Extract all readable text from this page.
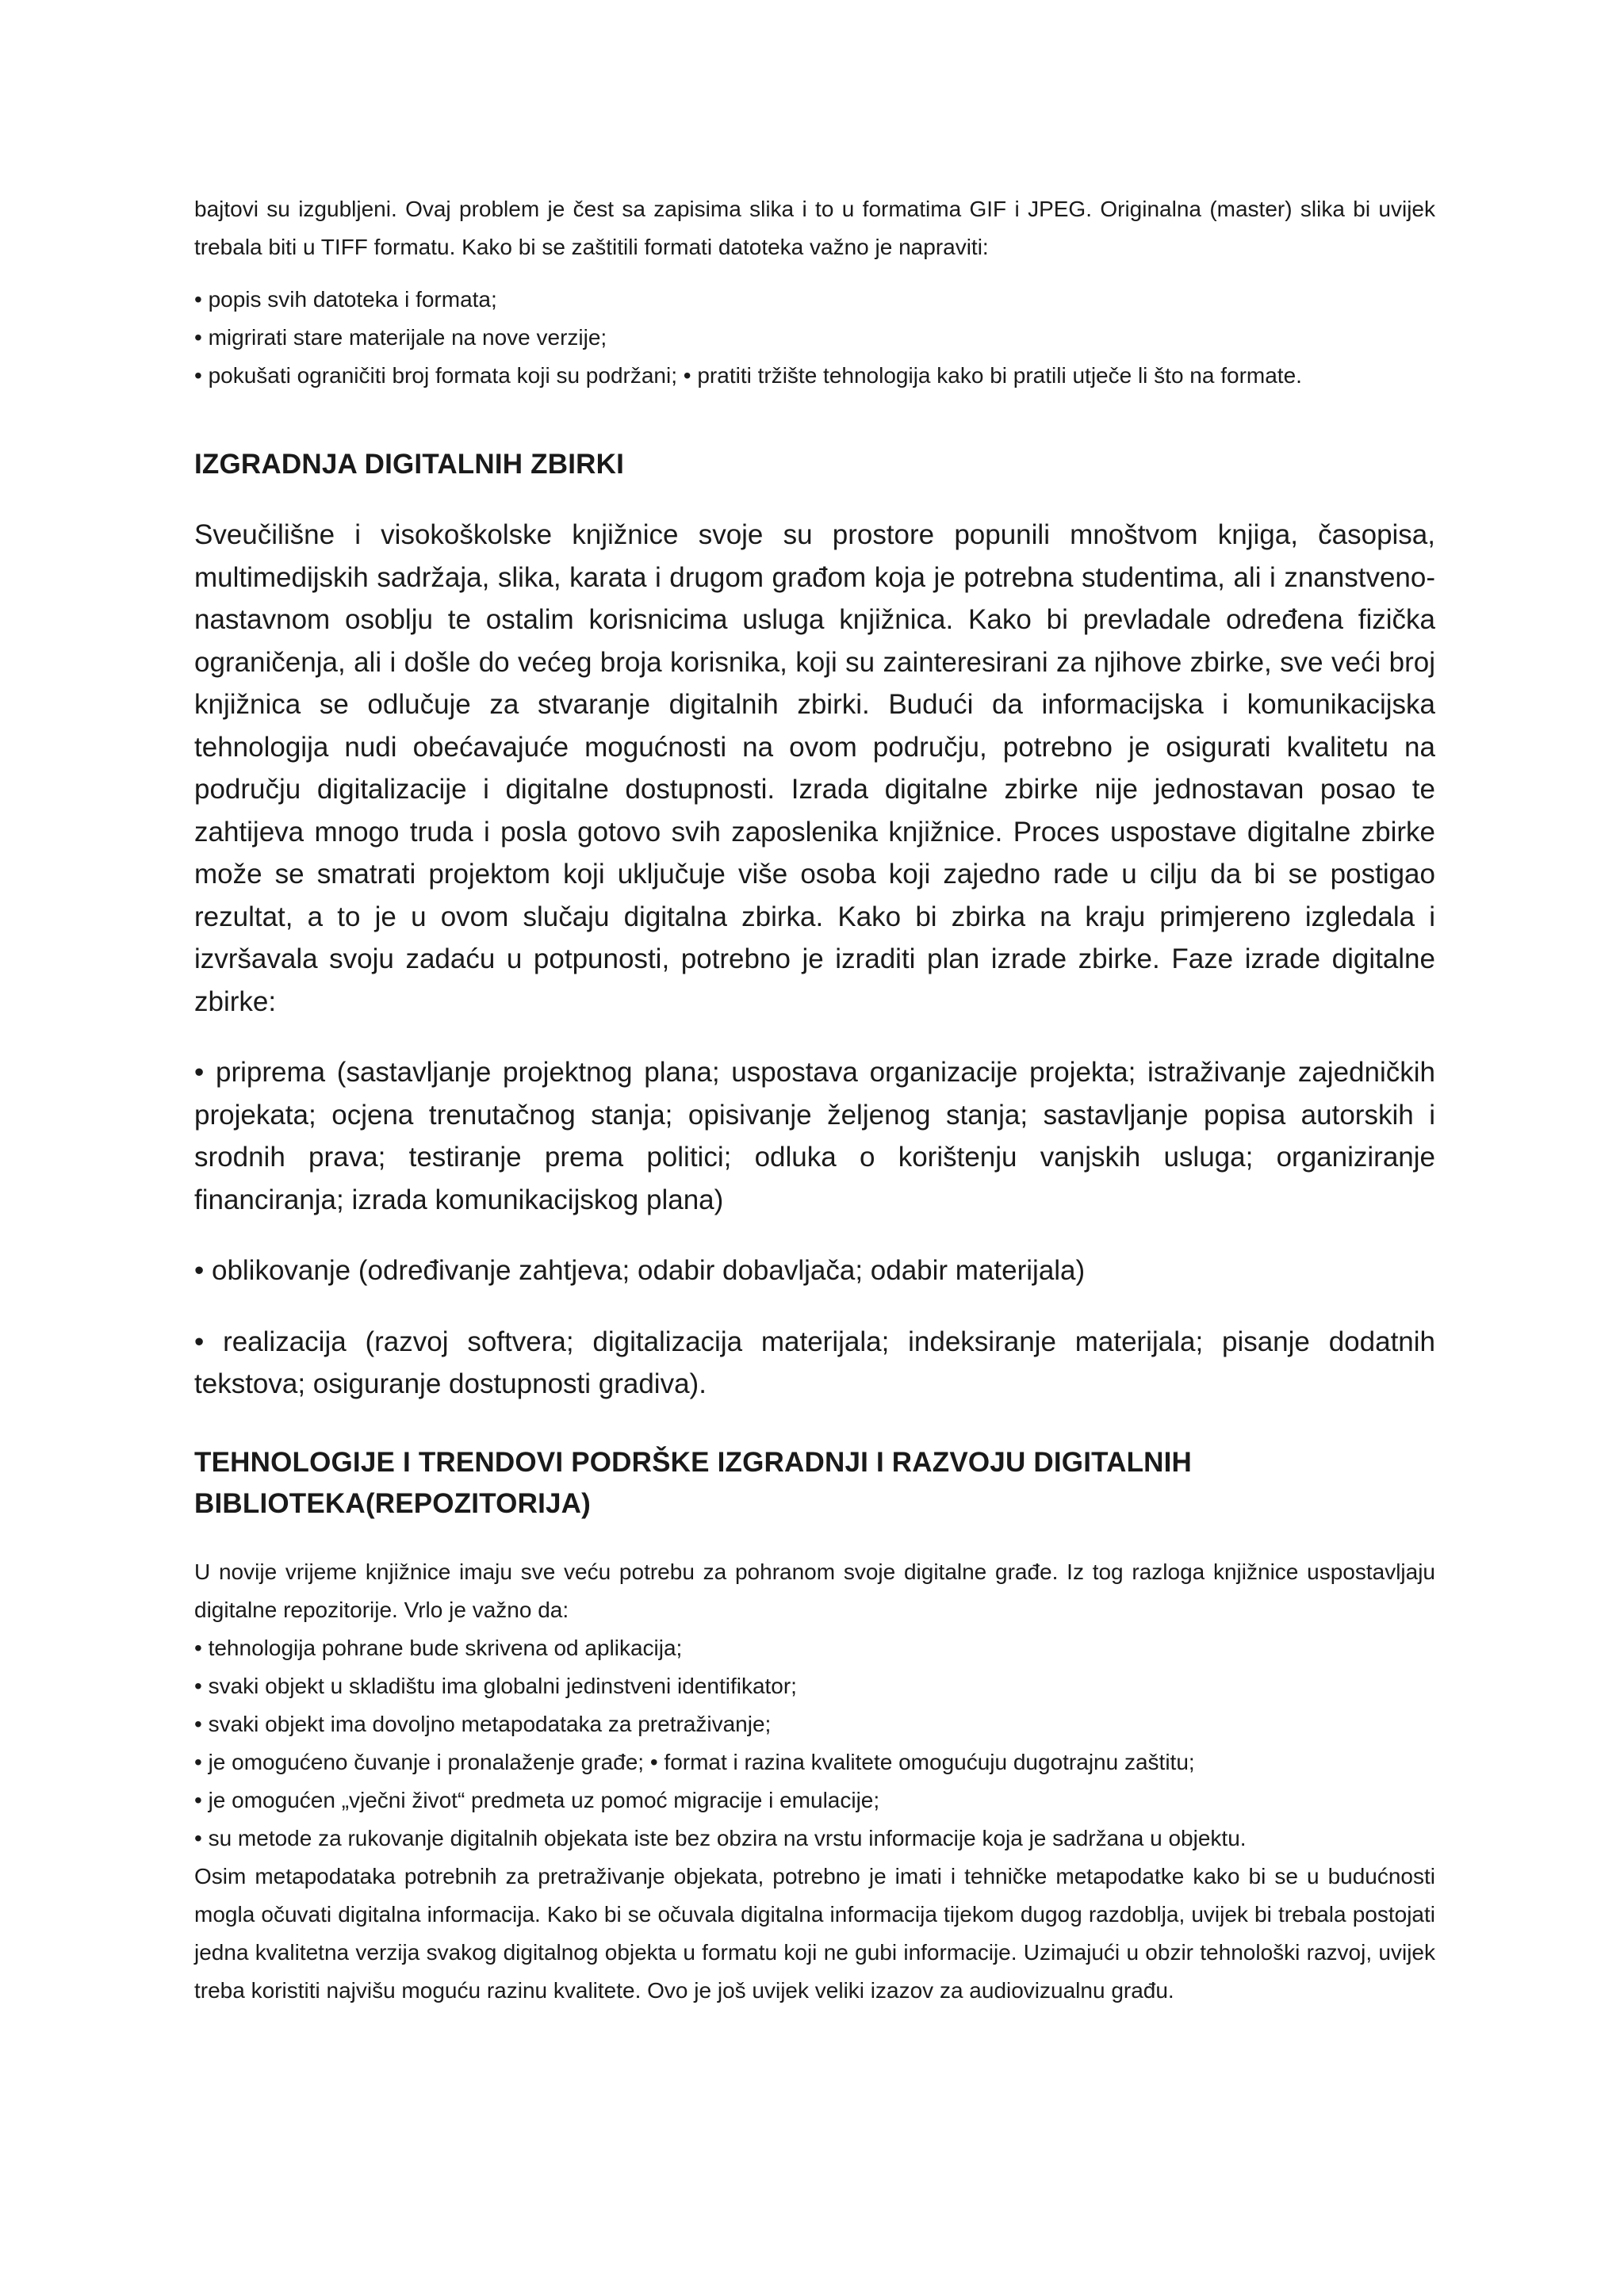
bajtovi su izgubljeni. Ovaj problem je čest sa zapisima slika i to u formatima GIF i JPEG. Originalna (master) slika bi uvijek trebala biti u TIFF formatu. Kako bi se zaštitili formati datoteka važno je napraviti:

• popis svih datoteka i formata;

• migrirati stare materijale na nove verzije;

• pokušati ograničiti broj formata koji su podržani; • pratiti tržište tehnologija kako bi pratili utječe li što na formate.

IZGRADNJA DIGITALNIH ZBIRKI

Sveučilišne i visokoškolske knjižnice svoje su prostore popunili mnoštvom knjiga, časopisa, multimedijskih sadržaja, slika, karata i drugom građom koja je potrebna studentima, ali i znanstveno-nastavnom osoblju te ostalim korisnicima usluga knjižnica. Kako bi prevladale određena fizička ograničenja, ali i došle do većeg broja korisnika, koji su zainteresirani za njihove zbirke, sve veći broj knjižnica se odlučuje za stvaranje digitalnih zbirki. Budući da informacijska i komunikacijska tehnologija nudi obećavajuće mogućnosti na ovom području, potrebno je osigurati kvalitetu na području digitalizacije i digitalne dostupnosti. Izrada digitalne zbirke nije jednostavan posao te zahtijeva mnogo truda i posla gotovo svih zaposlenika knjižnice. Proces uspostave digitalne zbirke može se smatrati projektom koji uključuje više osoba koji zajedno rade u cilju da bi se postigao rezultat, a to je u ovom slučaju digitalna zbirka. Kako bi zbirka na kraju primjereno izgledala i izvršavala svoju zadaću u potpunosti, potrebno je izraditi plan izrade zbirke. Faze izrade digitalne zbirke:

• priprema (sastavljanje projektnog plana; uspostava organizacije projekta; istraživanje zajedničkih projekata; ocjena trenutačnog stanja; opisivanje željenog stanja; sastavljanje popisa autorskih i srodnih prava; testiranje prema politici; odluka o korištenju vanjskih usluga; organiziranje financiranja; izrada komunikacijskog plana)

• oblikovanje (određivanje zahtjeva; odabir dobavljača; odabir materijala)

• realizacija (razvoj softvera; digitalizacija materijala; indeksiranje materijala; pisanje dodatnih tekstova; osiguranje dostupnosti gradiva).

TEHNOLOGIJE I TRENDOVI PODRŠKE IZGRADNJI I RAZVOJU DIGITALNIH
BIBLIOTEKA(REPOZITORIJA)

U novije vrijeme knjižnice imaju sve veću potrebu za pohranom svoje digitalne građe. Iz tog razloga knjižnice uspostavljaju digitalne repozitorije. Vrlo je važno da:

• tehnologija pohrane bude skrivena od aplikacija;

• svaki objekt u skladištu ima globalni jedinstveni identifikator;

• svaki objekt ima dovoljno metapodataka za pretraživanje;

• je omogućeno čuvanje i pronalaženje građe; • format i razina kvalitete omogućuju dugotrajnu zaštitu;

• je omogućen „vječni život“ predmeta uz pomoć migracije i emulacije;

• su metode za rukovanje digitalnih objekata iste bez obzira na vrstu informacije koja je sadržana u objektu.

Osim metapodataka potrebnih za pretraživanje objekata, potrebno je imati i tehničke metapodatke kako bi se u budućnosti mogla očuvati digitalna informacija. Kako bi se očuvala digitalna informacija tijekom dugog razdoblja, uvijek bi trebala postojati jedna kvalitetna verzija svakog digitalnog objekta u formatu koji ne gubi informacije. Uzimajući u obzir tehnološki razvoj, uvijek treba koristiti najvišu moguću razinu kvalitete. Ovo je još uvijek veliki izazov za audiovizualnu građu.
